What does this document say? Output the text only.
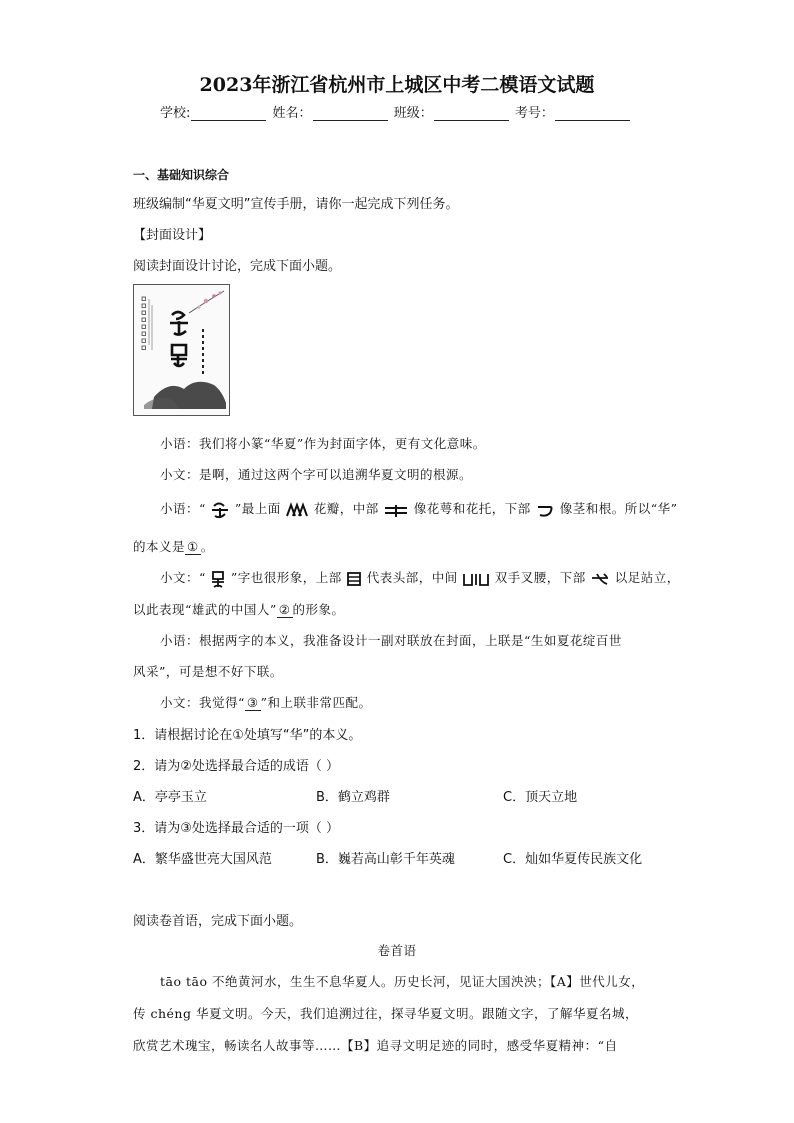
2023年浙江省杭州市上城区中考二模语文试题
学校:	姓名：	班级：	考号：
一、基础知识综合
班级编制“华夏文明”宣传手册，请你一起完成下列任务。
【封面设计】
阅读封面设计讨论，完成下面小题。
小语：我们将小篆“华夏”作为封面字体，更有文化意味。
小文：是啊，通过这两个字可以追溯华夏文明的根源。
小语：“ ”最上面	花瓣，中部	像花萼和花托，下部 像茎和根。所以“华”
的本义是 ① 。
小文：“ ”字也很形象，上部 代表头部，中间	双手叉腰，下部 以足站立，
以此表现“雄武的中国人” ② 的形象。
小语：根据两字的本义，我准备设计一副对联放在封面，上联是“生如夏花绽百世
风采”，可是想不好下联。
小文：我觉得“ ③ ”和上联非常匹配。
1．请根据讨论在①处填写“华”的本义。
2．请为②处选择最合适的成语（ ）
A．亭亭玉立	B．鹤立鸡群	C．顶天立地
3．请为③处选择最合适的一项（ ）
A．繁华盛世亮大国风范	B．巍若高山彰千年英魂	C．灿如华夏传民族文化
阅读卷首语，完成下面小题。
卷首语
tāo tāo 不绝黄河水，生生不息华夏人。历史长河，见证大国泱泱；【A】世代儿女，
传 chéng 华夏文明。今天，我们追溯过往，探寻华夏文明。跟随文字，了解华夏名城，
欣赏艺术瑰宝，畅读名人故事等……【B】追寻文明足迹的同时，感受华夏精神：“自
